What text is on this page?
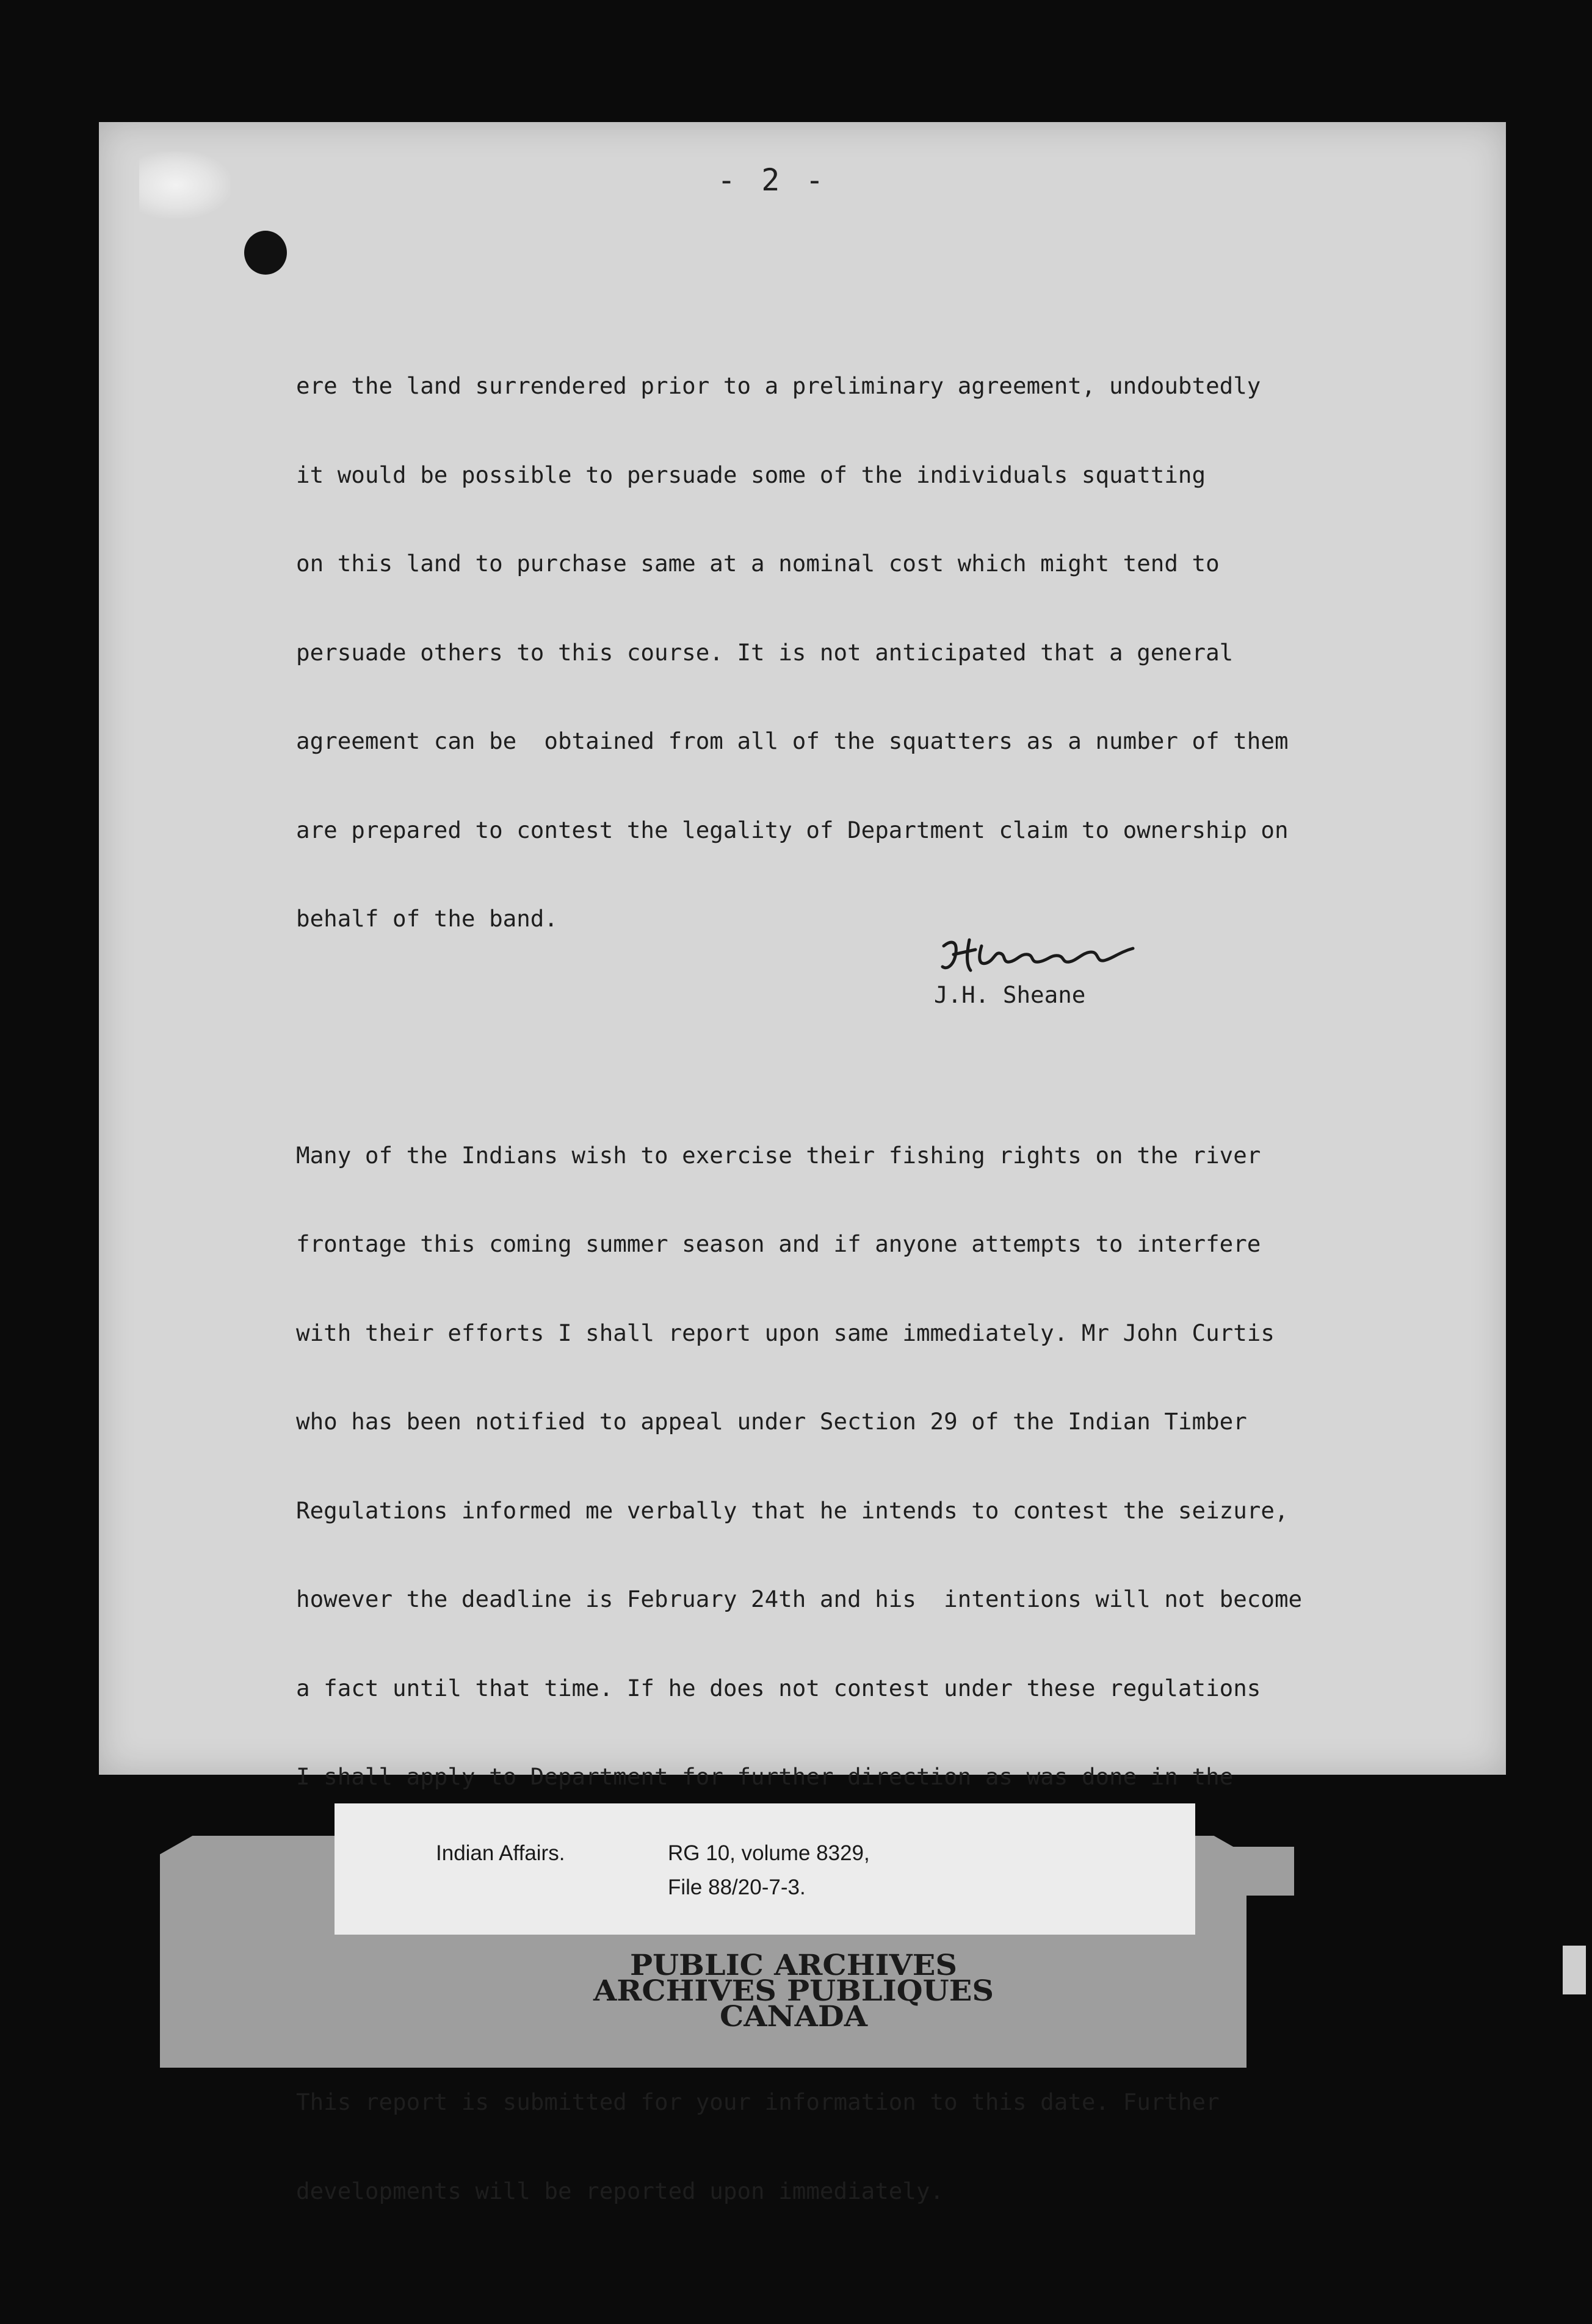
- 2 -

ere the land surrendered prior to a preliminary agreement, undoubtedly

it would be possible to persuade some of the individuals squatting

on this land to purchase same at a nominal cost which might tend to

persuade others to this course. It is not anticipated that a general

agreement can be  obtained from all of the squatters as a number of them

are prepared to contest the legality of Department claim to ownership on

behalf of the band.

Many of the Indians wish to exercise their fishing rights on the river

frontage this coming summer season and if anyone attempts to interfere

with their efforts I shall report upon same immediately. Mr John Curtis

who has been notified to appeal under Section 29 of the Indian Timber

Regulations informed me verbally that he intends to contest the seizure,

however the deadline is February 24th and his  intentions will not become

a fact until that time. If he does not contest under these regulations

I shall apply to Department for further direction as was done in the

This report is submitted for your information to this date. Further

developments will be reported upon immediately.

J.H. Sheane
Indian Affairs.	RG 10, volume 8329,
File 88/20-7-3.
PUBLIC ARCHIVES
ARCHIVES PUBLIQUES
CANADA
